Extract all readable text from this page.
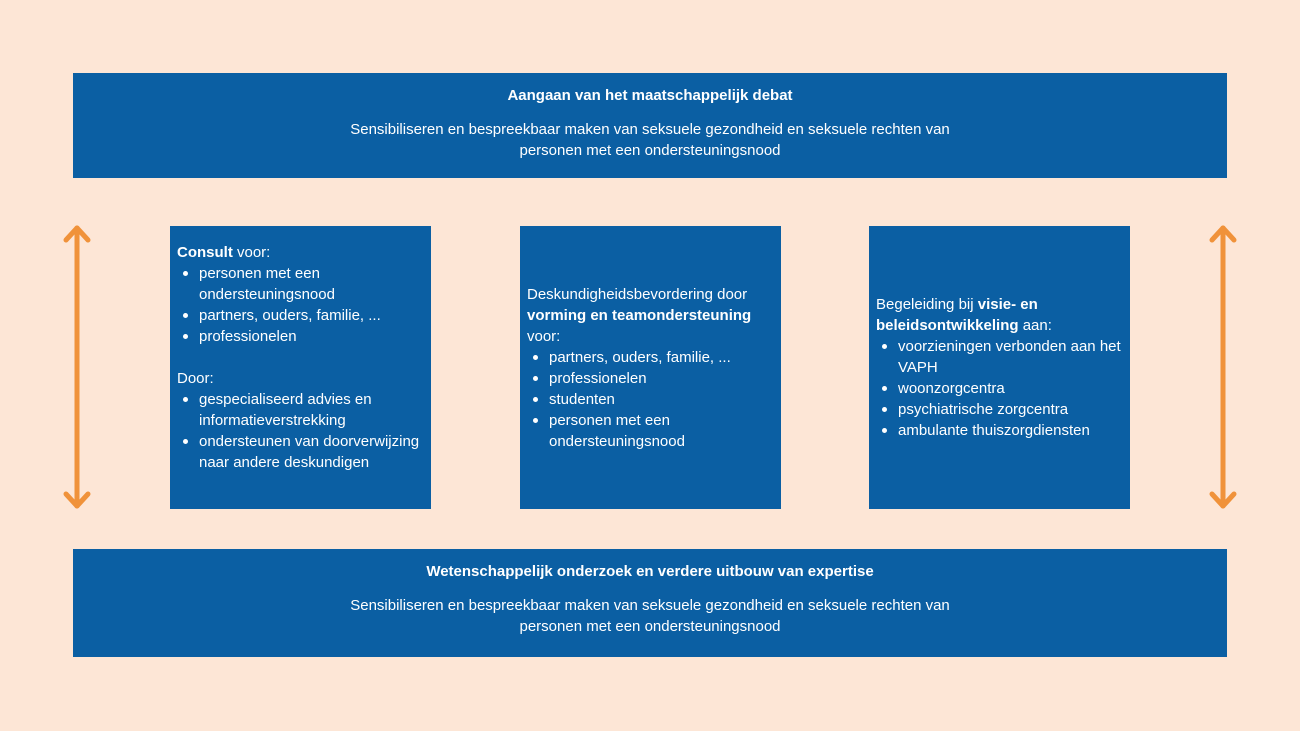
Aangaan van het maatschappelijk debat
Sensibiliseren en bespreekbaar maken van seksuele gezondheid en seksuele rechten van personen met een ondersteuningsnood
Consult voor:
personen met een ondersteuningsnood
partners, ouders, familie, ...
professionelen
Door:
gespecialiseerd advies en informatieverstrekking
ondersteunen van doorverwijzing naar andere deskundigen
Deskundigheidsbevordering door vorming en teamondersteuning voor:
partners, ouders, familie, ...
professionelen
studenten
personen met een ondersteuningsnood
Begeleiding bij visie- en beleidsontwikkeling aan:
voorzieningen verbonden aan het VAPH
woonzorgcentra
psychiatrische zorgcentra
ambulante thuiszorgdiensten
Wetenschappelijk onderzoek en verdere uitbouw van expertise
Sensibiliseren en bespreekbaar maken van seksuele gezondheid en seksuele rechten van personen met een ondersteuningsnood
